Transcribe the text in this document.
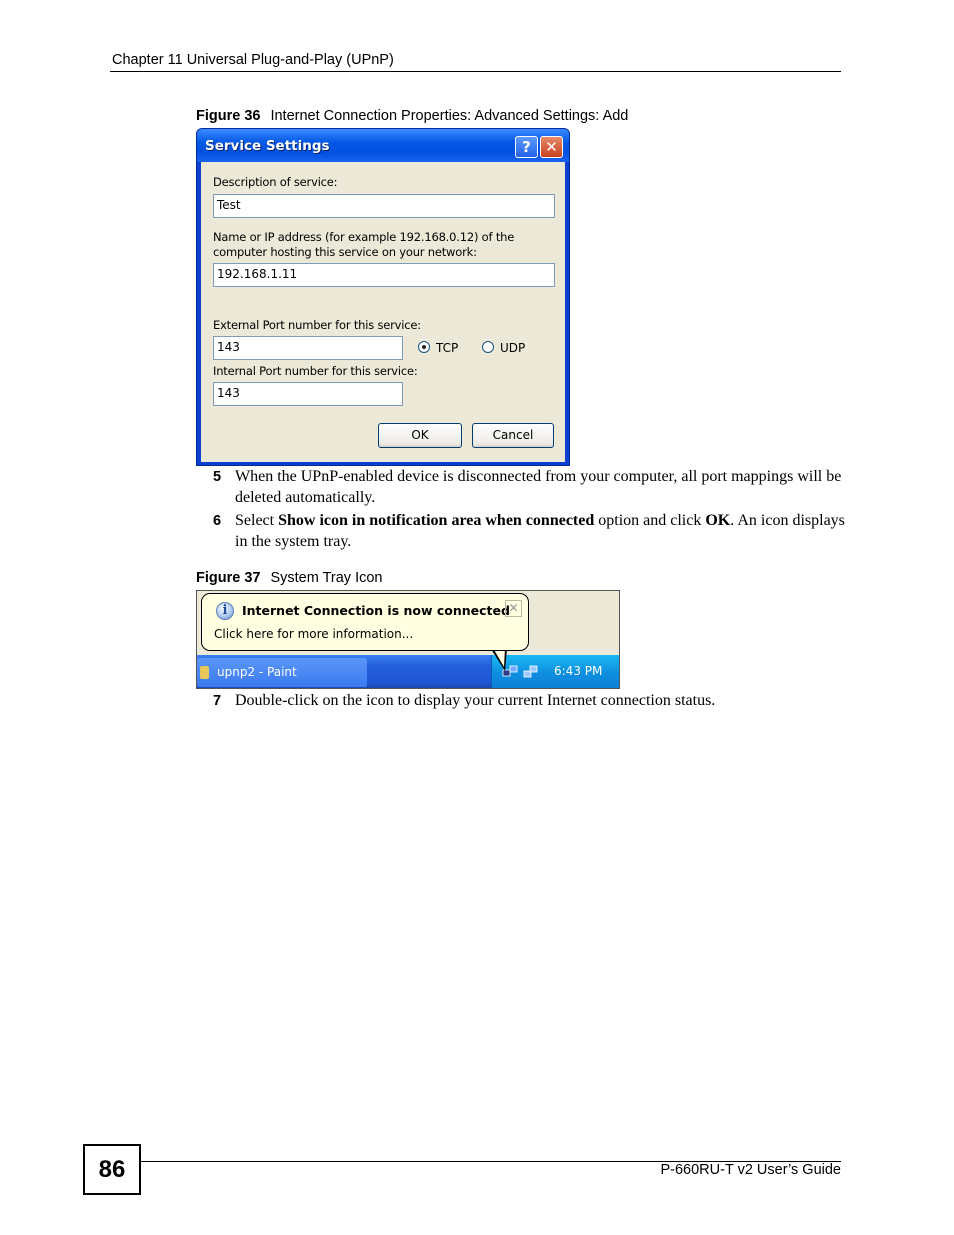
Chapter 11 Universal Plug-and-Play (UPnP)
Figure 36 Internet Connection Properties: Advanced Settings: Add
Service Settings	? ✕
Description of service:
Test
Name or IP address (for example 192.168.0.12) of the
computer hosting this service on your network:
192.168.1.11
External Port number for this service:
143	TCP	UDP
Internal Port number for this service:
143
OK	Cancel
5 When the UPnP-enabled device is disconnected from your computer, all port mappings will be deleted automatically.
6 Select Show icon in notification area when connected option and click OK. An icon displays in the system tray.
Figure 37 System Tray Icon
upnp2 - Paint	6:43 PM
i	Internet Connection is now connected
Click here for more information...
✕
7 Double-click on the icon to display your current Internet connection status.
86	P-660RU-T v2 User’s Guide
